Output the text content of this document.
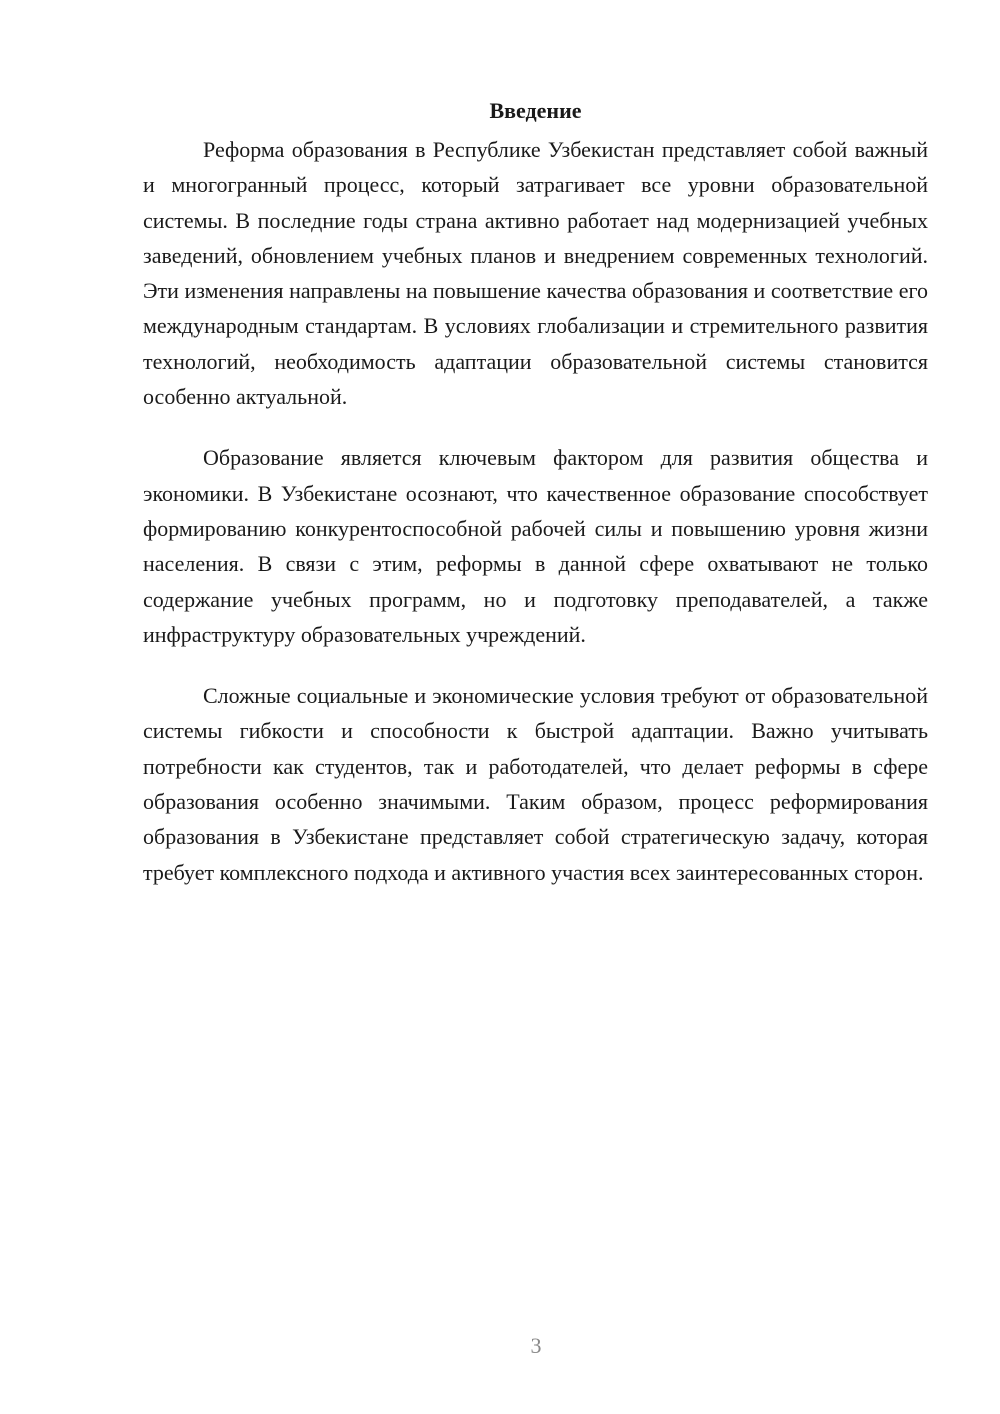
Введение

Реформа образования в Республике Узбекистан представляет собой важный и многогранный процесс, который затрагивает все уровни образовательной системы. В последние годы страна активно работает над модернизацией учебных заведений, обновлением учебных планов и внедрением современных технологий. Эти изменения направлены на повышение качества образования и соответствие его международным стандартам. В условиях глобализации и стремительного развития технологий, необходимость адаптации образовательной системы становится особенно актуальной.

Образование является ключевым фактором для развития общества и экономики. В Узбекистане осознают, что качественное образование способствует формированию конкурентоспособной рабочей силы и повышению уровня жизни населения. В связи с этим, реформы в данной сфере охватывают не только содержание учебных программ, но и подготовку преподавателей, а также инфраструктуру образовательных учреждений.

Сложные социальные и экономические условия требуют от образовательной системы гибкости и способности к быстрой адаптации. Важно учитывать потребности как студентов, так и работодателей, что делает реформы в сфере образования особенно значимыми. Таким образом, процесс реформирования образования в Узбекистане представляет собой стратегическую задачу, которая требует комплексного подхода и активного участия всех заинтересованных сторон.

3
